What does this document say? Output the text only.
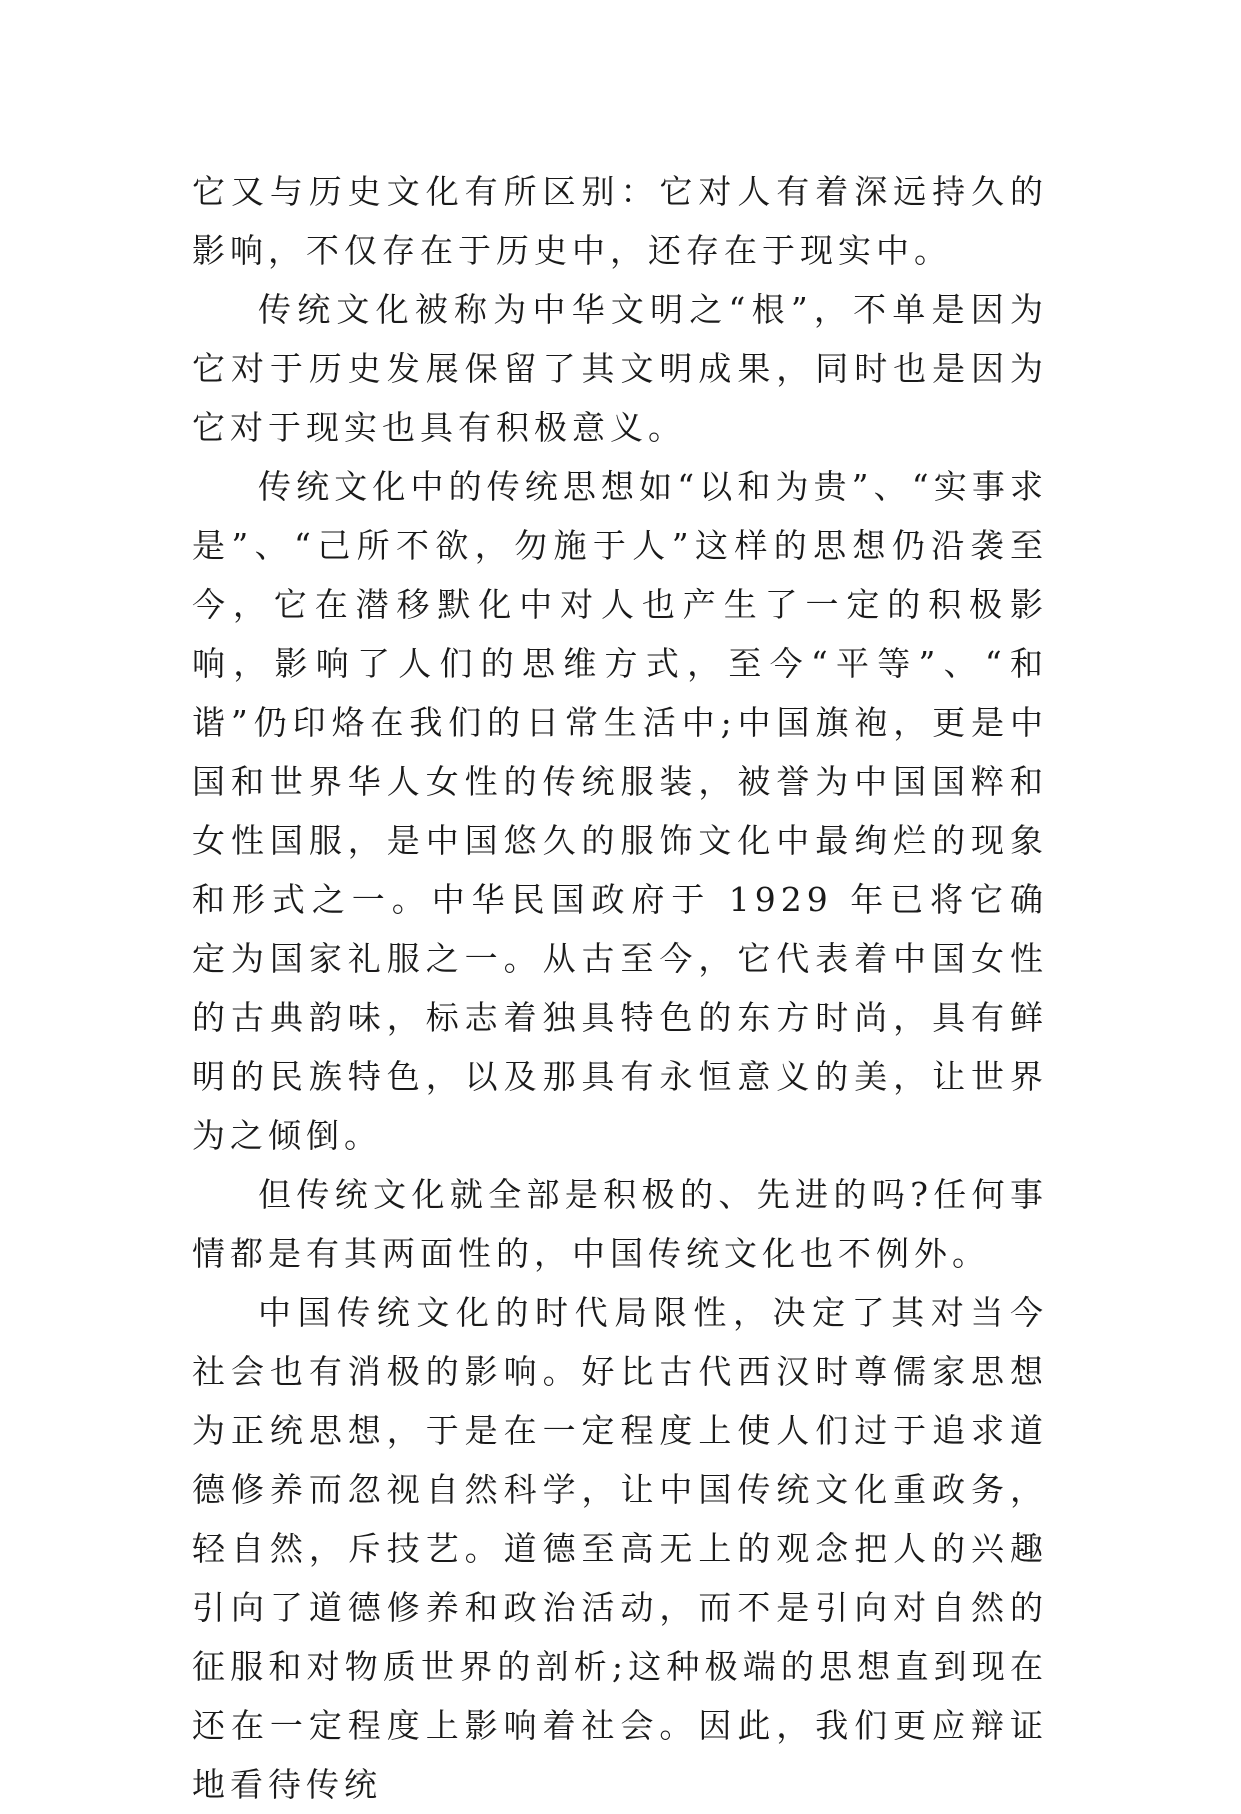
它又与历史文化有所区别：它对人有着深远持久的影响，不仅存在于历史中，还存在于现实中。

传统文化被称为中华文明之“根”，不单是因为它对于历史发展保留了其文明成果，同时也是因为它对于现实也具有积极意义。

传统文化中的传统思想如“以和为贵”、“实事求是”、“己所不欲，勿施于人”这样的思想仍沿袭至今，它在潜移默化中对人也产生了一定的积极影响，影响了人们的思维方式，至今“平等”、“和谐”仍印烙在我们的日常生活中;中国旗袍，更是中国和世界华人女性的传统服装，被誉为中国国粹和女性国服，是中国悠久的服饰文化中最绚烂的现象和形式之一。中华民国政府于 1929 年已将它确定为国家礼服之一。从古至今，它代表着中国女性的古典韵味，标志着独具特色的东方时尚，具有鲜明的民族特色，以及那具有永恒意义的美，让世界为之倾倒。

但传统文化就全部是积极的、先进的吗?任何事情都是有其两面性的，中国传统文化也不例外。

中国传统文化的时代局限性，决定了其对当今社会也有消极的影响。好比古代西汉时尊儒家思想为正统思想，于是在一定程度上使人们过于追求道德修养而忽视自然科学，让中国传统文化重政务，轻自然，斥技艺。道德至高无上的观念把人的兴趣引向了道德修养和政治活动，而不是引向对自然的征服和对物质世界的剖析;这种极端的思想直到现在还在一定程度上影响着社会。因此，我们更应辩证地看待传统
